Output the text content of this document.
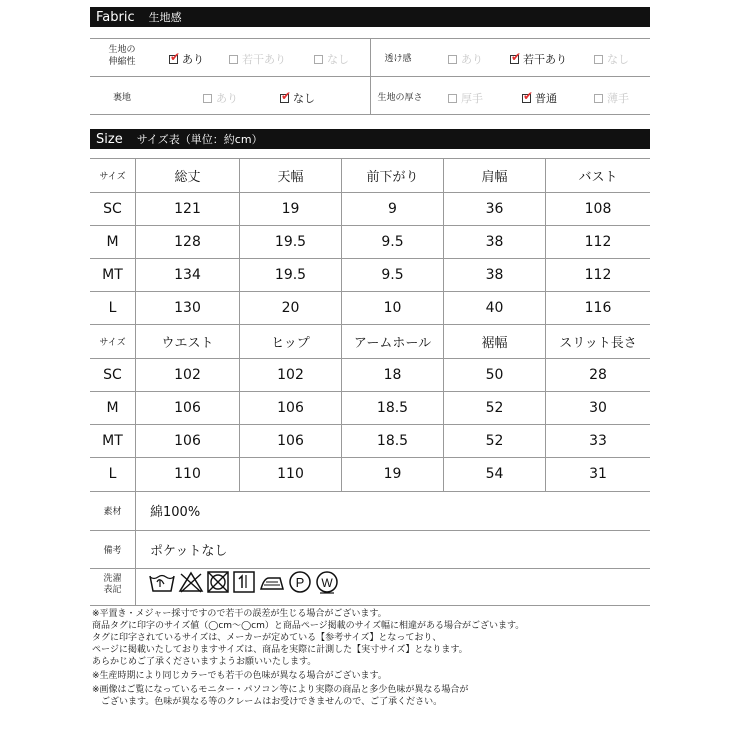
Fabric 生地感
生地の
伸縮性	✔ あり	若干あり	なし	透け感	あり ✔ 若干あり	なし
裏地	あり	✔ なし	生地の厚さ	厚手	✔ 普通	薄手
Size サイズ表（単位：約cm）
サイズ	総丈	天幅	前下がり	肩幅	バスト
SC	121	19	9	36	108
M	128	19.5	9.5	38	112
MT	134	19.5	9.5	38	112
L	130	20	10	40	116
サイズ	ウエスト	ヒップ	アームホール	裾幅	スリット長さ
SC	102	102	18	50	28
M	106	106	18.5	52	30
MT	106	106	18.5	52	33
L	110	110	19	54	31
素材	綿100%
備考	ポケットなし
洗濯
表記	P W
※平置き・メジャー採寸ですので若干の誤差が生じる場合がございます。
商品タグに印字のサイズ値（◯cm〜◯cm）と商品ページ掲載のサイズ幅に相違がある場合がございます。
タグに印字されているサイズは、メーカーが定めている【参考サイズ】となっており、
ページに掲載いたしておりますサイズは、商品を実際に計測した【実寸サイズ】となります。
あらかじめご了承くださいますようお願いいたします。
※生産時期により同じカラーでも若干の色味が異なる場合がございます。
※画像はご覧になっているモニター・パソコン等により実際の商品と多少色味が異なる場合が
　ございます。色味が異なる等のクレームはお受けできませんので、ご了承ください。
